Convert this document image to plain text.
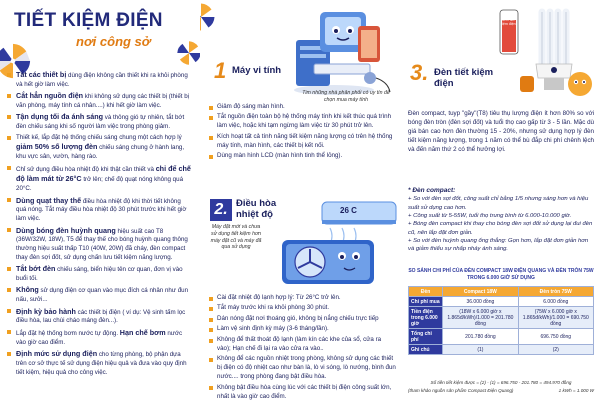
TIẾT KIỆM ĐIỆN
nơi công sở
Tắt các thiết bị dùng điện không cần thiết khi ra khỏi phòng và hết giờ làm việc.
Cắt hẳn nguồn điện khi không sử dụng các thiết bị (thiết bị văn phòng, máy tính cá nhân....) khi hết giờ làm việc.
Tận dụng tối đa ánh sáng và thông gió tự nhiên, tắt bớt đèn chiếu sáng khi số người làm việc trong phòng giảm.
Thiết kế, lắp đặt hệ thống chiếu sáng chung một cách hợp lý giảm 50% số lượng đèn chiếu sáng chung ở hành lang, khu vực sân, vườn, hàng rào.
Chỉ sử dụng điều hòa nhiệt độ khi thật cần thiết và chỉ để chế độ làm mát từ 26°C trở lên; chế độ quạt nóng không quá 20°C.
Dùng quạt thay thế điều hòa nhiệt độ khi thời tiết không quá nóng. Tắt máy điều hòa nhiệt độ 30 phút trước khi hết giờ làm việc.
Dùng bóng đèn huỳnh quang hiệu suất cao T8 (36W/32W, 18W), T5 để thay thế cho bóng huỳnh quang thông thường hiệu suất thấp T10 (40W, 20W) đã cháy, đèn compact thay đèn sợi đốt, sử dụng chấn lưu tiết kiệm năng lượng.
Tắt bớt đèn chiếu sáng, biển hiệu tên cơ quan, đơn vị vào buổi tối.
Không sử dụng điện cơ quan vào mục đích cá nhân như đun nấu, sưởi...
Định kỳ bảo hành các thiết bị điện ( ví dụ: Vệ sinh tấm lọc điều hòa, lau chùi cháo máng đèn...).
Lắp đặt hệ thống bơm nước tự động. Hạn chế bơm nước vào giờ cao điểm.
Định mức sử dụng điện cho từng phòng, bộ phận dựa trên cơ sở thực tế sử dụng điện hiệu quả và đưa vào quy định tiết kiệm, hiệu quả cho công việc.
1 Máy vi tính
Tim những nhà phân phối có uy tín để chọn mua máy tính
Giảm độ sáng màn hình.
Tắt nguồn điện toàn bộ hệ thống máy tính khi kết thúc quá trình làm việc, hoặc khi tạm ngừng làm việc từ 30 phút trở lên.
Kích hoạt tất cả tính năng tiết kiệm năng lượng có trên hệ thống máy tính, màn hình, các thiết bị kết nối.
Dùng màn hình LCD (màn hình tinh thể lỏng).
2. Điều hòa nhiệt độ	26 C
Máy đặt mới và chưa sử dụng tiết kiệm hơn máy đặt cũ và máy đã qua sử dụng
Cài đặt nhiệt độ lạnh hợp lý: Từ 26°C trở lên.
Tắt máy trước khi ra khỏi phòng 30 phút.
Dán nóng đặt nơi thoáng gió, không bị nắng chiếu trực tiếp
Làm vệ sinh định kỳ máy (3-6 tháng/lần).
Không để thất thoát độ lạnh (làm kín các khe của sổ, cửa ra vào); Hạn chế đi lại ra vào cửa ra vào..
Không để các nguồn nhiệt trong phòng, không sử dụng các thiết bị điện có độ nhiệt cao như bàn là, lò vi sóng, lò nướng, bình đun nước.... trong phòng đang bật điều hòa.
Không bật điều hòa cùng lúc với các thiết bị điện công suất lớn, nhất là vào giờ cao điểm.
3. Đèn tiết kiệm điện
80% tiết kiệm điện
Đèn compact, tuyp "gầy"(T8) tiêu thụ lượng điện ít hơn 80% so với bóng đèn tròn (đèn sợi đốt) và tuổi thọ cao gấp từ 3 - 5 lần. Mặc dù giá bán cao hơn đèn thường 15 - 20%, nhưng sử dụng hợp lý đèn tiết kiệm năng lượng, trong 1 năm có thể bù đắp chi phí chênh lệch và đến năm thứ 2 có thể hưởng lợi.
* Đèn compact:
+ So với đèn sợi đốt, công suất chỉ bằng 1/5 nhưng sáng hơn và hiệu suất sử dụng cao hơn.
+ Công suất từ 5-55W, tuổi thọ trung bình từ 6.000-10.000 giờ.
+ Bóng đèn compact khi thay cho bóng đèn sợi đốt sử dụng lại đui đèn cũ, nên lắp đặt đơn giản.
+ So với đèn huỳnh quang ống thẳng: Gọn hơn, lắp đặt đơn giản hơn và giảm thiểu sự nhấp nháy ánh sáng.
SO SÁNH CHI PHÍ CỦA ĐÈN COMPACT 18W ĐIỆN QUANG VÀ ĐÈN TRÒN 75W TRONG 6.000 GIỜ SỬ DỤNG
Đèn	Compact 18W	Đèn tròn 75W
Chi phí mua	36.000 đồng	6.000 đồng
Tiền điện trong 6.000 giờ	(18W x 6.000 giờ x 1.865đ/kWh)/1.000 = 201.780 đồng	(75W x 6.000 giờ x 1.865đ/kWh)/1.000 = 690.750 đồng
Tổng chi phí	201.780 đồng	696.750 đồng
Ghi chú	(1)	(2)
Số tiền tiết kiệm được = (2) - (1) = 696.750 - 201.780 = 494.970 đồng
(tham khảo nguồn sản phẩm Compact Điện Quang)	1 kWh = 1.000 W
